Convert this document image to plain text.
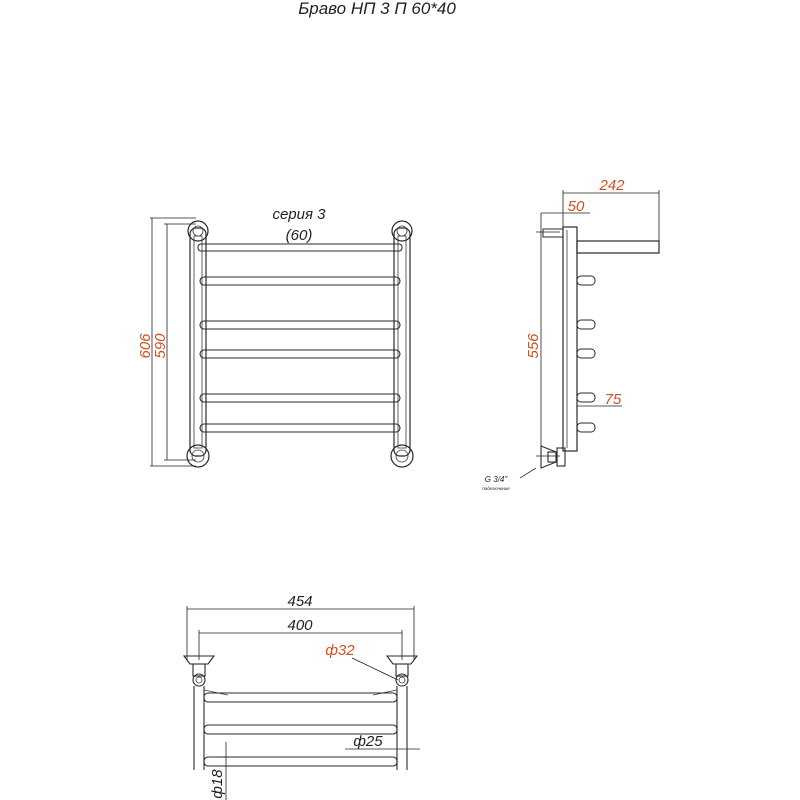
Браво НП 3 П 60*40
606
590
серия 3
(60)
242
50
556
75
G 3/4"
подключение
454
400
ф32
ф25
ф18
